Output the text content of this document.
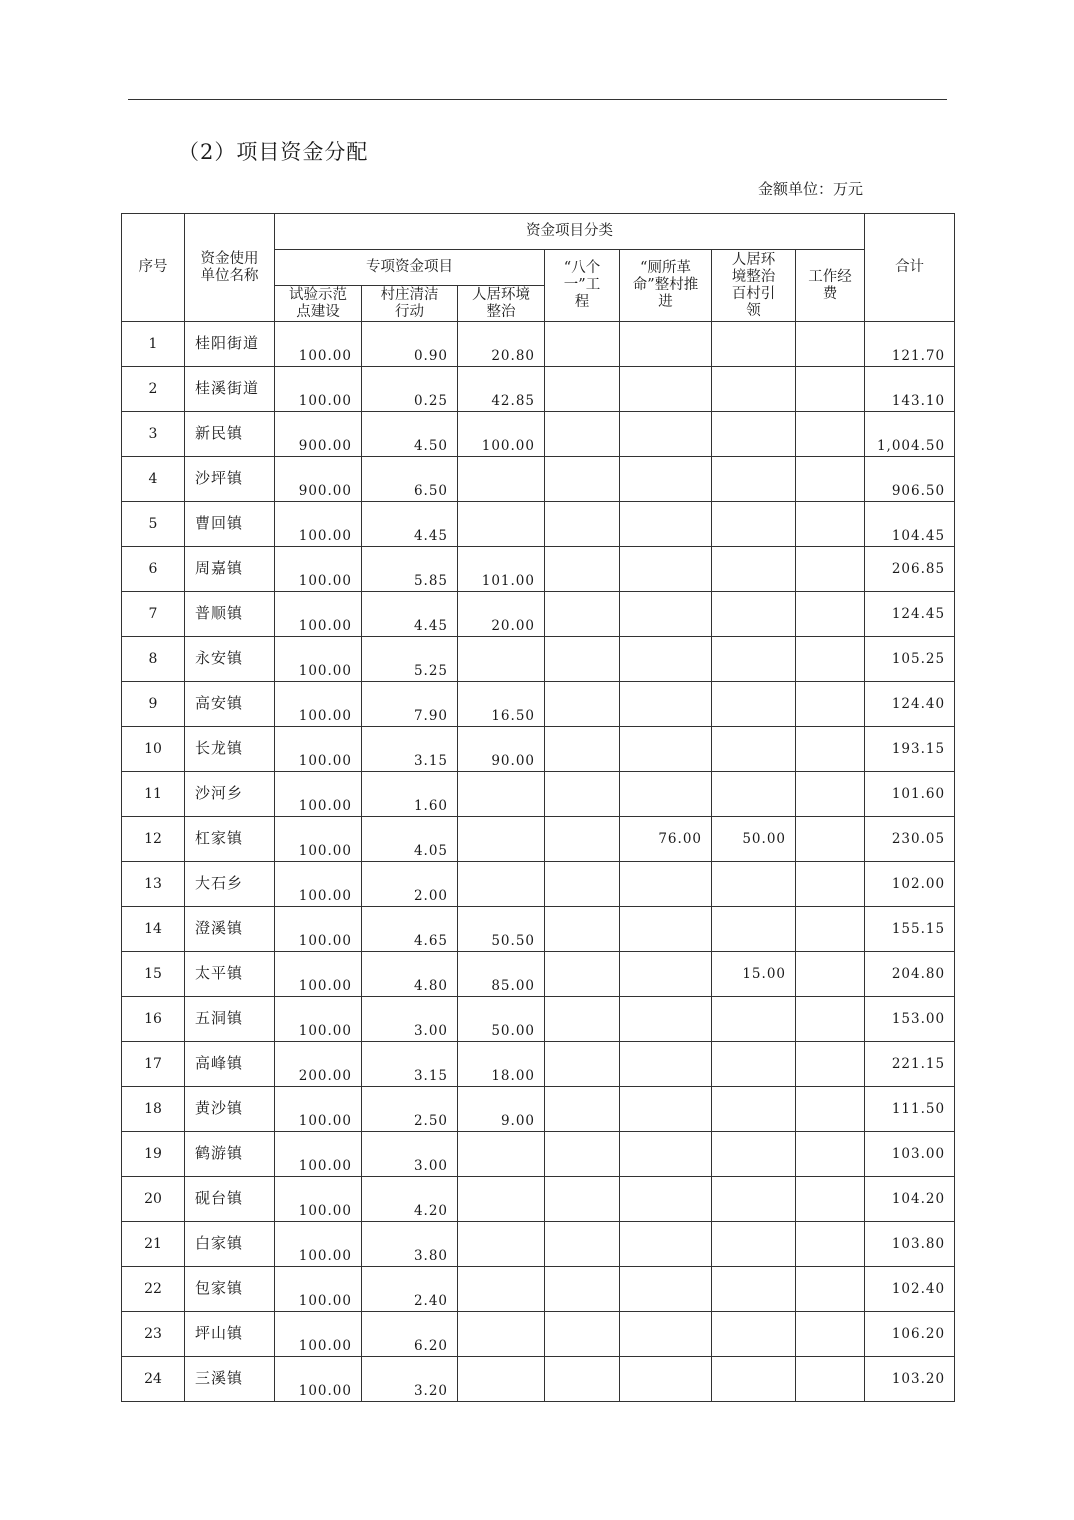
（2）项目资金分配
金额单位：万元
序号	资金使用单位名称	资金项目分类							合计
		专项资金项目			“八个一”工程	“厕所革命”整村推进	人居环境整治百村引领	工作经费	
		试验示范点建设	村庄清洁行动	人居环境整治					
1	桂阳街道	100.00	0.90	20.80					121.70
2	桂溪街道	100.00	0.25	42.85					143.10
3	新民镇	900.00	4.50	100.00					1,004.50
4	沙坪镇	900.00	6.50						906.50
5	曹回镇	100.00	4.45						104.45
6	周嘉镇	100.00	5.85	101.00					206.85
7	普顺镇	100.00	4.45	20.00					124.45
8	永安镇	100.00	5.25						105.25
9	高安镇	100.00	7.90	16.50					124.40
10	长龙镇	100.00	3.15	90.00					193.15
11	沙河乡	100.00	1.60						101.60
12	杠家镇	100.00	4.05			76.00	50.00		230.05
13	大石乡	100.00	2.00						102.00
14	澄溪镇	100.00	4.65	50.50					155.15
15	太平镇	100.00	4.80	85.00			15.00		204.80
16	五洞镇	100.00	3.00	50.00					153.00
17	高峰镇	200.00	3.15	18.00					221.15
18	黄沙镇	100.00	2.50	9.00					111.50
19	鹤游镇	100.00	3.00						103.00
20	砚台镇	100.00	4.20						104.20
21	白家镇	100.00	3.80						103.80
22	包家镇	100.00	2.40						102.40
23	坪山镇	100.00	6.20						106.20
24	三溪镇	100.00	3.20						103.20
